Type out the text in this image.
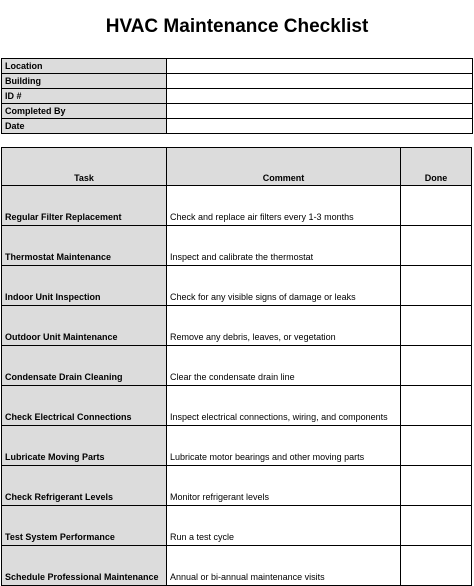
HVAC Maintenance Checklist
Location	
Building	
ID #	
Completed By	
Date	
Task	Comment	Done
Regular Filter Replacement	Check and replace air filters every 1-3 months	
Thermostat Maintenance	Inspect and calibrate the thermostat	
Indoor Unit Inspection	Check for any visible signs of damage or leaks	
Outdoor Unit Maintenance	Remove any debris, leaves, or vegetation	
Condensate Drain Cleaning	Clear the condensate drain line	
Check Electrical Connections	Inspect electrical connections, wiring, and components	
Lubricate Moving Parts	Lubricate motor bearings and other moving parts	
Check Refrigerant Levels	Monitor refrigerant levels	
Test System Performance	Run a test cycle	
Schedule Professional Maintenance	Annual or bi-annual maintenance visits	
